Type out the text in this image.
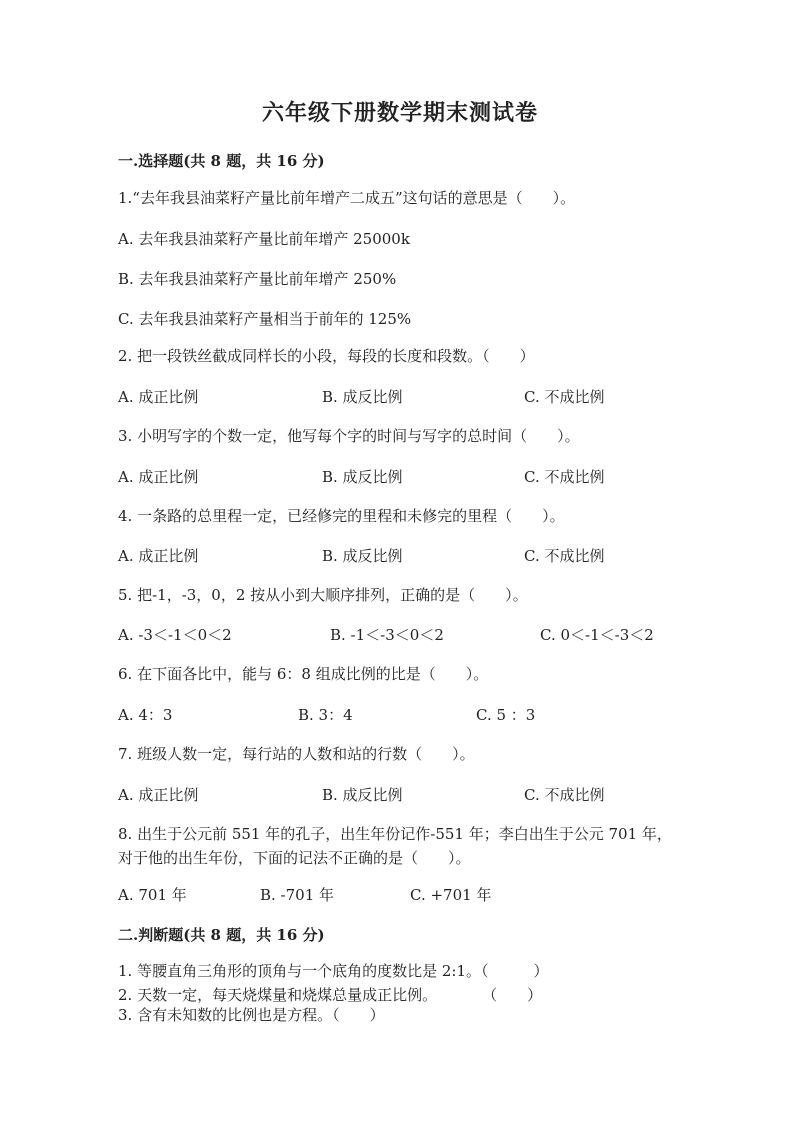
六年级下册数学期末测试卷
一.选择题(共 8 题，共 16 分)
1.“去年我县油菜籽产量比前年增产二成五”这句话的意思是（　　）。
A. 去年我县油菜籽产量比前年增产 25000k
B. 去年我县油菜籽产量比前年增产 250%
C. 去年我县油菜籽产量相当于前年的 125%
2. 把一段铁丝截成同样长的小段，每段的长度和段数。（　　）
A. 成正比例	B. 成反比例	C. 不成比例
3. 小明写字的个数一定，他写每个字的时间与写字的总时间（　　）。
A. 成正比例	B. 成反比例	C. 不成比例
4. 一条路的总里程一定，已经修完的里程和未修完的里程（　　）。
A. 成正比例	B. 成反比例	C. 不成比例
5. 把-1，-3，0，2 按从小到大顺序排列，正确的是（　　）。
A. -3＜-1＜0＜2	B. -1＜-3＜0＜2	C. 0＜-1＜-3＜2
6. 在下面各比中，能与 6：8 组成比例的比是（　　）。
A. 4：3	B. 3：4	C. 5 ：3
7. 班级人数一定，每行站的人数和站的行数（　　）。
A. 成正比例	B. 成反比例	C. 不成比例
8. 出生于公元前 551 年的孔子，出生年份记作-551 年；李白出生于公元 701 年，对于他的出生年份，下面的记法不正确的是（　　）。
A. 701 年	B. -701 年	C. +701 年
二.判断题(共 8 题，共 16 分)
1. 等腰直角三角形的顶角与一个底角的度数比是 2:1。（　　　）
2. 天数一定，每天烧煤量和烧煤总量成正比例。　　　　（　　）
3. 含有未知数的比例也是方程。（　　）
